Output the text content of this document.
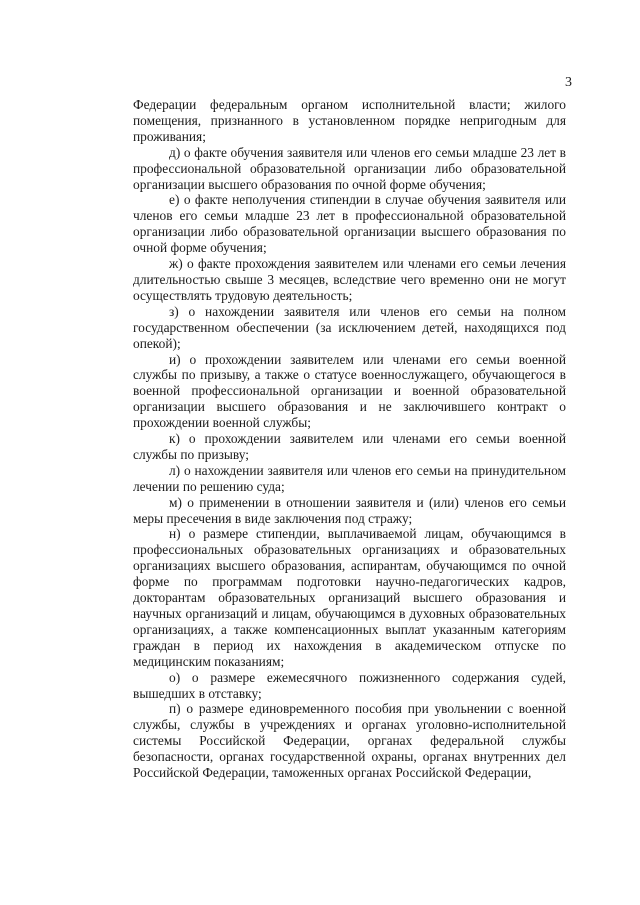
3

Федерации федеральным органом исполнительной власти; жилого помещения, признанного в установленном порядке непригодным для проживания;

д) о факте обучения заявителя или членов его семьи младше 23 лет в профессиональной образовательной организации либо образовательной организации высшего образования по очной форме обучения;

е) о факте неполучения стипендии в случае обучения заявителя или членов его семьи младше 23 лет в профессиональной образовательной организации либо образовательной организации высшего образования по очной форме обучения;

ж) о факте прохождения заявителем или членами его семьи лечения длительностью свыше 3 месяцев, вследствие чего временно они не могут осуществлять трудовую деятельность;

з) о нахождении заявителя или членов его семьи на полном государственном обеспечении (за исключением детей, находящихся под опекой);

и) о прохождении заявителем или членами его семьи военной службы по призыву, а также о статусе военнослужащего, обучающегося в военной профессиональной организации и военной образовательной организации высшего образования и не заключившего контракт о прохождении военной службы;

к) о прохождении заявителем или членами его семьи военной службы по призыву;

л) о нахождении заявителя или членов его семьи на принудительном лечении по решению суда;

м) о применении в отношении заявителя и (или) членов его семьи меры пресечения в виде заключения под стражу;

н) о размере стипендии, выплачиваемой лицам, обучающимся в профессиональных образовательных организациях и образовательных организациях высшего образования, аспирантам, обучающимся по очной форме по программам подготовки научно-педагогических кадров, докторантам образовательных организаций высшего образования и научных организаций и лицам, обучающимся в духовных образовательных организациях, а также компенсационных выплат указанным категориям граждан в период их нахождения в академическом отпуске по медицинским показаниям;

о) о размере ежемесячного пожизненного содержания судей, вышедших в отставку;

п) о размере единовременного пособия при увольнении с военной службы, службы в учреждениях и органах уголовно-исполнительной системы Российской Федерации, органах федеральной службы безопасности, органах государственной охраны, органах внутренних дел Российской Федерации, таможенных органах Российской Федерации,
